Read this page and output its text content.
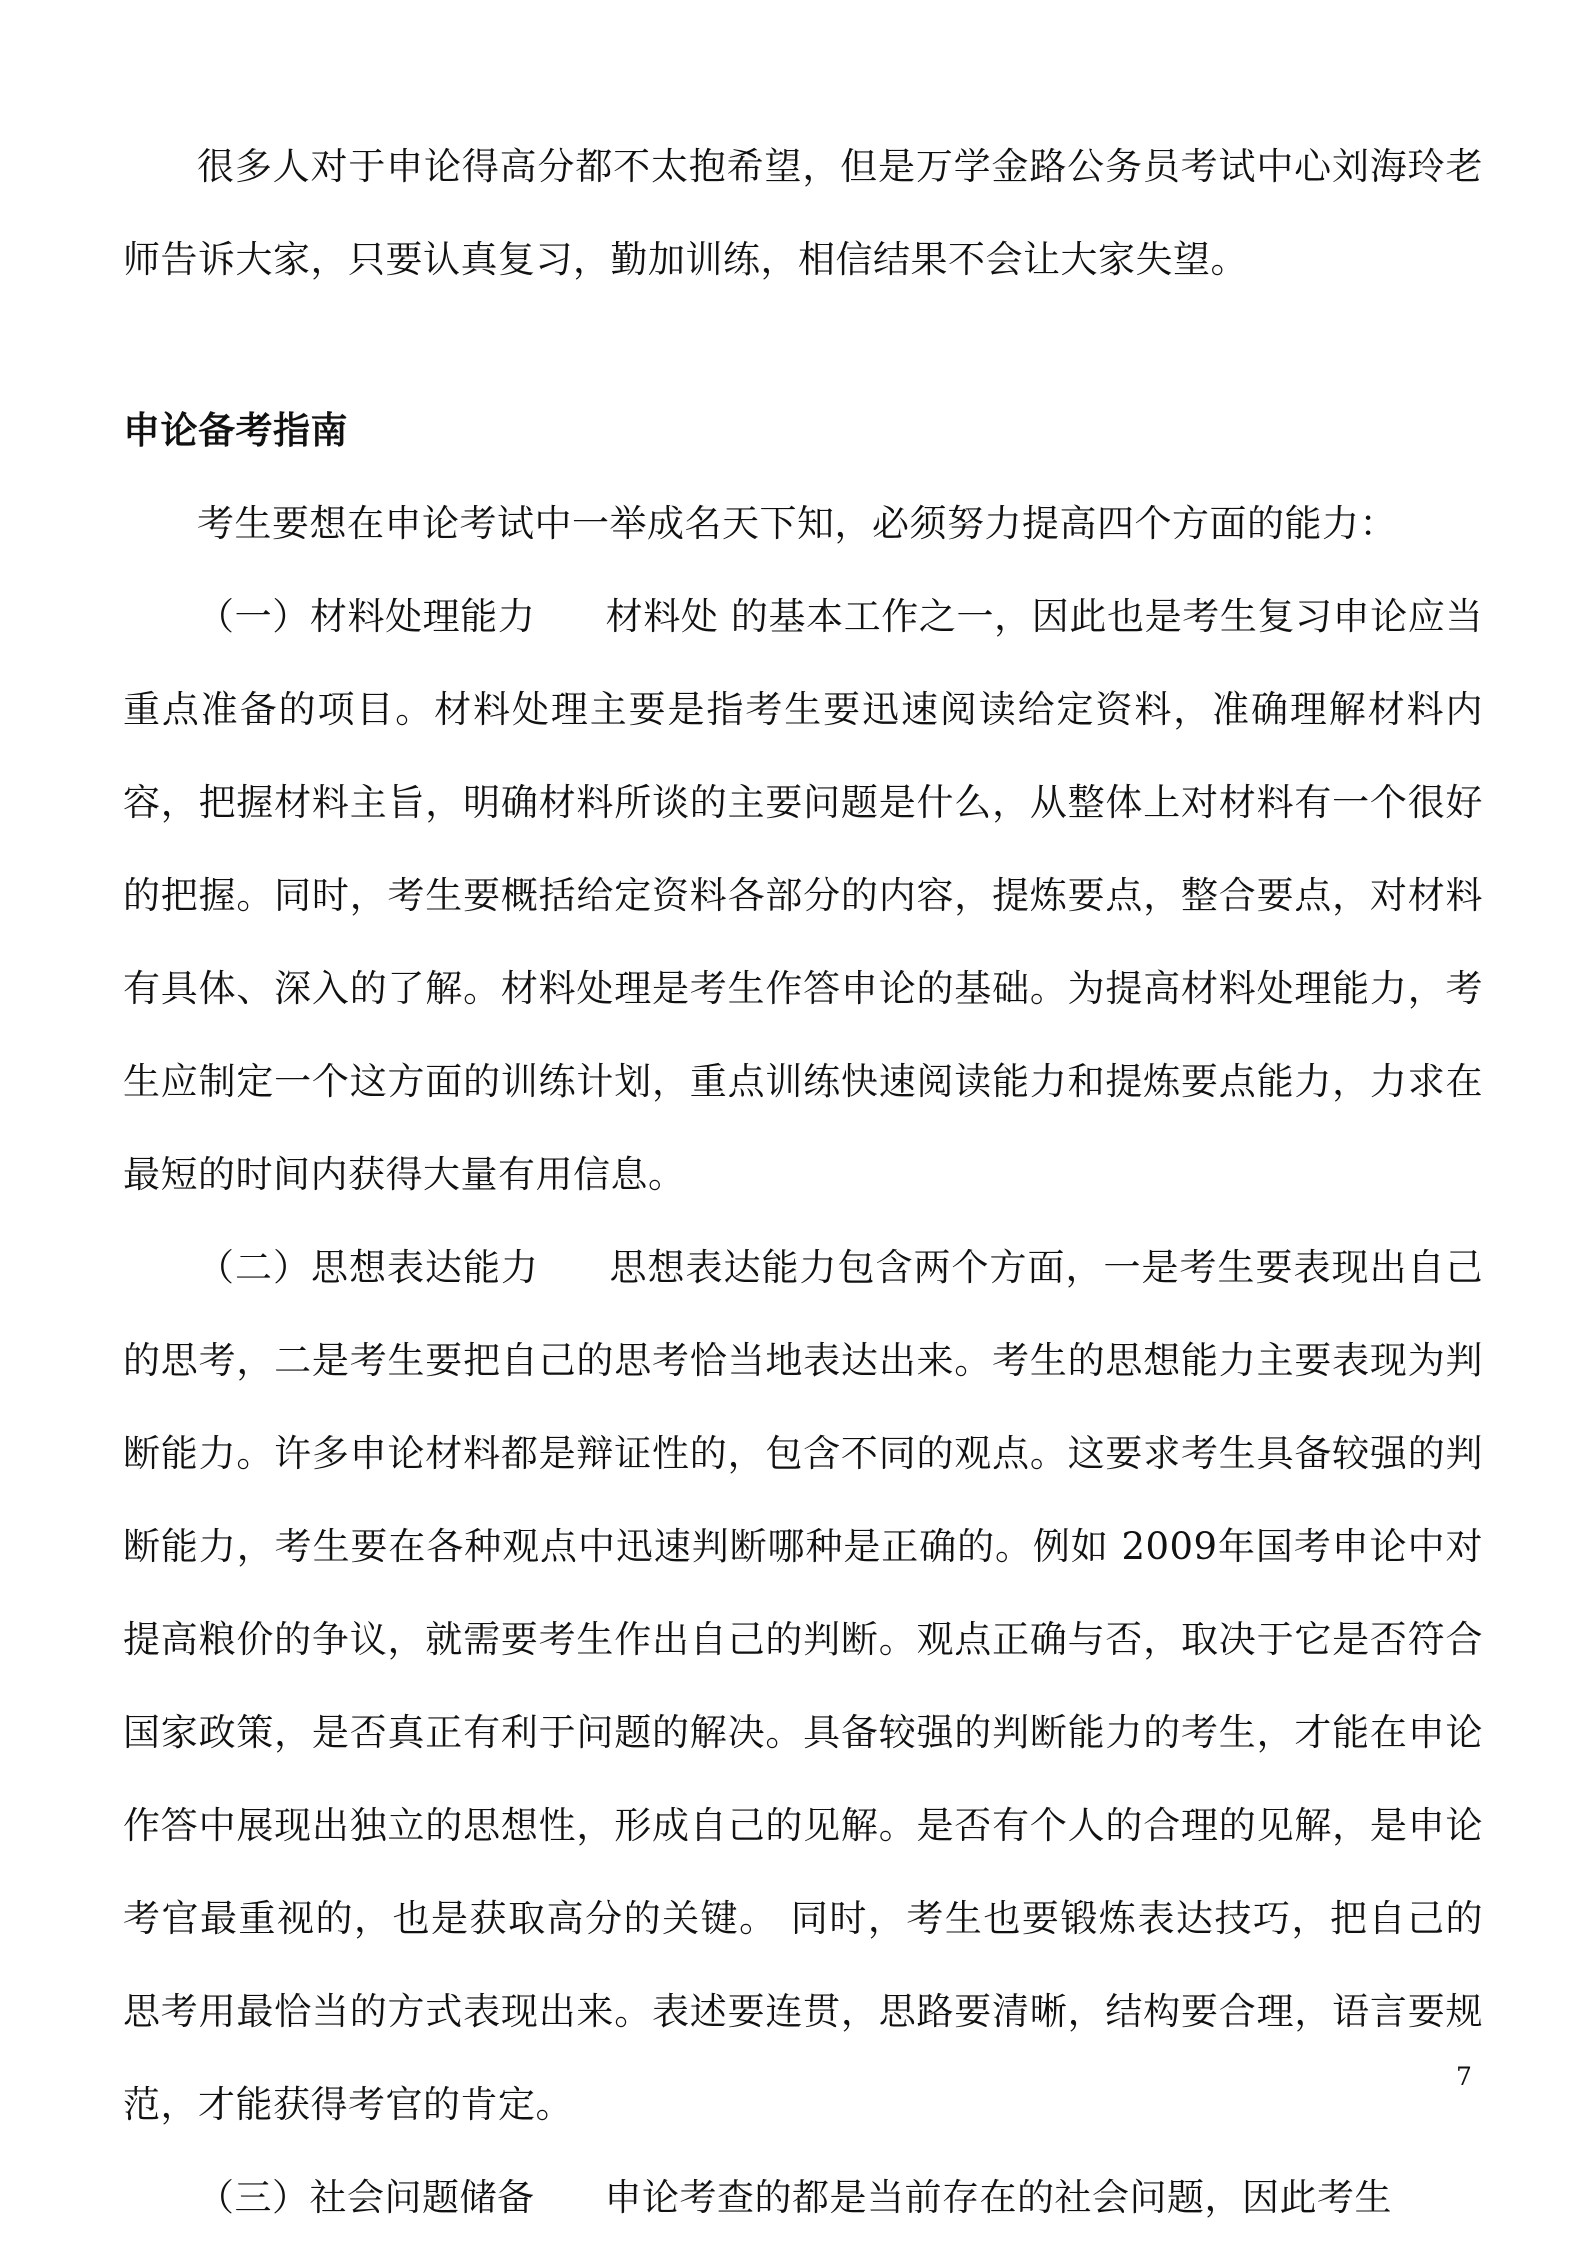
很多人对于申论得高分都不太抱希望，但是万学金路公务员考试中心刘海玲老师告诉大家，只要认真复习，勤加训练，相信结果不会让大家失望。

申论备考指南

考生要想在申论考试中一举成名天下知，必须努力提高四个方面的能力：

（一）材料处理能力 材料处 的基本工作之一，因此也是考生复习申论应当重点准备的项目。材料处理主要是指考生要迅速阅读给定资料，准确理解材料内容，把握材料主旨，明确材料所谈的主要问题是什么，从整体上对材料有一个很好的把握。同时，考生要概括给定资料各部分的内容，提炼要点，整合要点，对材料有具体、深入的了解。材料处理是考生作答申论的基础。为提高材料处理能力，考生应制定一个这方面的训练计划，重点训练快速阅读能力和提炼要点能力，力求在最短的时间内获得大量有用信息。

（二）思想表达能力 思想表达能力包含两个方面，一是考生要表现出自己的思考，二是考生要把自己的思考恰当地表达出来。考生的思想能力主要表现为判断能力。许多申论材料都是辩证性的，包含不同的观点。这要求考生具备较强的判断能力，考生要在各种观点中迅速判断哪种是正确的。例如 2009年国考申论中对提高粮价的争议，就需要考生作出自己的判断。观点正确与否，取决于它是否符合国家政策，是否真正有利于问题的解决。具备较强的判断能力的考生，才能在申论作答中展现出独立的思想性，形成自己的见解。是否有个人的合理的见解，是申论考官最重视的，也是获取高分的关键。 同时，考生也要锻炼表达技巧，把自己的思考用最恰当的方式表现出来。表述要连贯，思路要清晰，结构要合理，语言要规范，才能获得考官的肯定。

（三）社会问题储备 申论考查的都是当前存在的社会问题，因此考生

7
